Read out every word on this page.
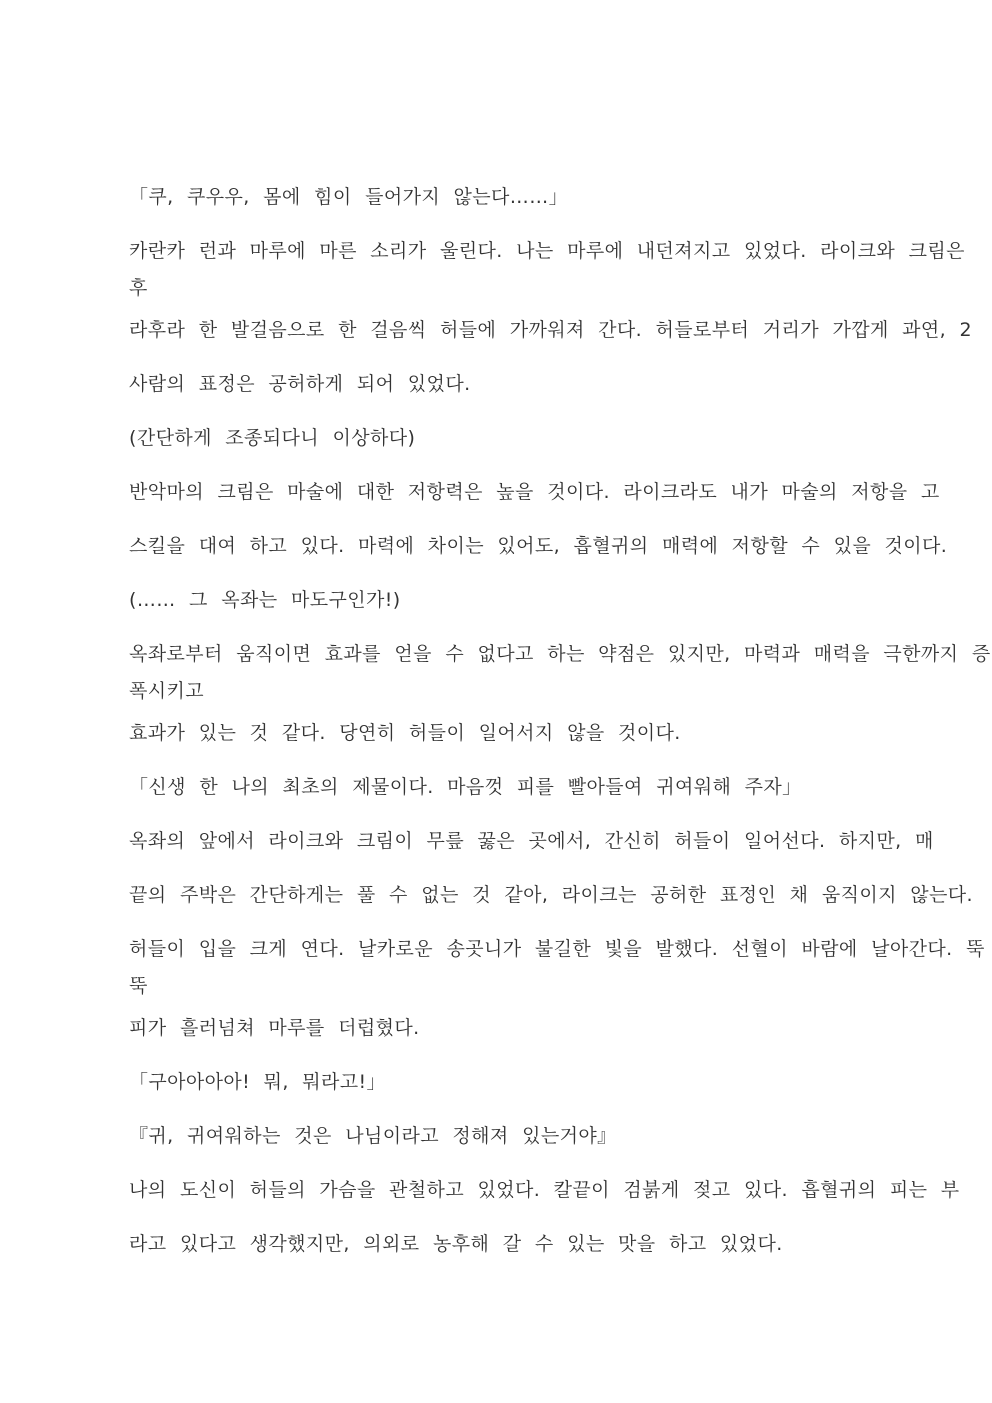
「쿠, 쿠우우, 몸에 힘이 들어가지 않는다……」

카란카 런과 마루에 마른 소리가 울린다. 나는 마루에 내던져지고 있었다. 라이크와 크림은
후

라후라 한 발걸음으로 한 걸음씩 허들에 가까워져 간다. 허들로부터 거리가 가깝게 과연, 2

사람의 표정은 공허하게 되어 있었다.

(간단하게 조종되다니 이상하다)

반악마의 크림은 마술에 대한 저항력은 높을 것이다. 라이크라도 내가 마술의 저항을 고

스킬을 대여 하고 있다. 마력에 차이는 있어도, 흡혈귀의 매력에 저항할 수 있을 것이다.

(…… 그 옥좌는 마도구인가!)

옥좌로부터 움직이면 효과를 얻을 수 없다고 하는 약점은 있지만, 마력과 매력을 극한까지 증
폭시키고

효과가 있는 것 같다. 당연히 허들이 일어서지 않을 것이다.

「신생 한 나의 최초의 제물이다. 마음껏 피를 빨아들여 귀여워해 주자」

옥좌의 앞에서 라이크와 크림이 무릎 꿇은 곳에서, 간신히 허들이 일어선다. 하지만, 매

끝의 주박은 간단하게는 풀 수 없는 것 같아, 라이크는 공허한 표정인 채 움직이지 않는다.

허들이 입을 크게 연다. 날카로운 송곳니가 불길한 빛을 발했다. 선혈이 바람에 날아간다. 뚝
뚝

피가 흘러넘쳐 마루를 더럽혔다.

「구아아아아! 뭐, 뭐라고!」

『귀, 귀여워하는 것은 나님이라고 정해져 있는거야』

나의 도신이 허들의 가슴을 관철하고 있었다. 칼끝이 검붉게 젖고 있다. 흡혈귀의 피는 부

라고 있다고 생각했지만, 의외로 농후해 갈 수 있는 맛을 하고 있었다.
